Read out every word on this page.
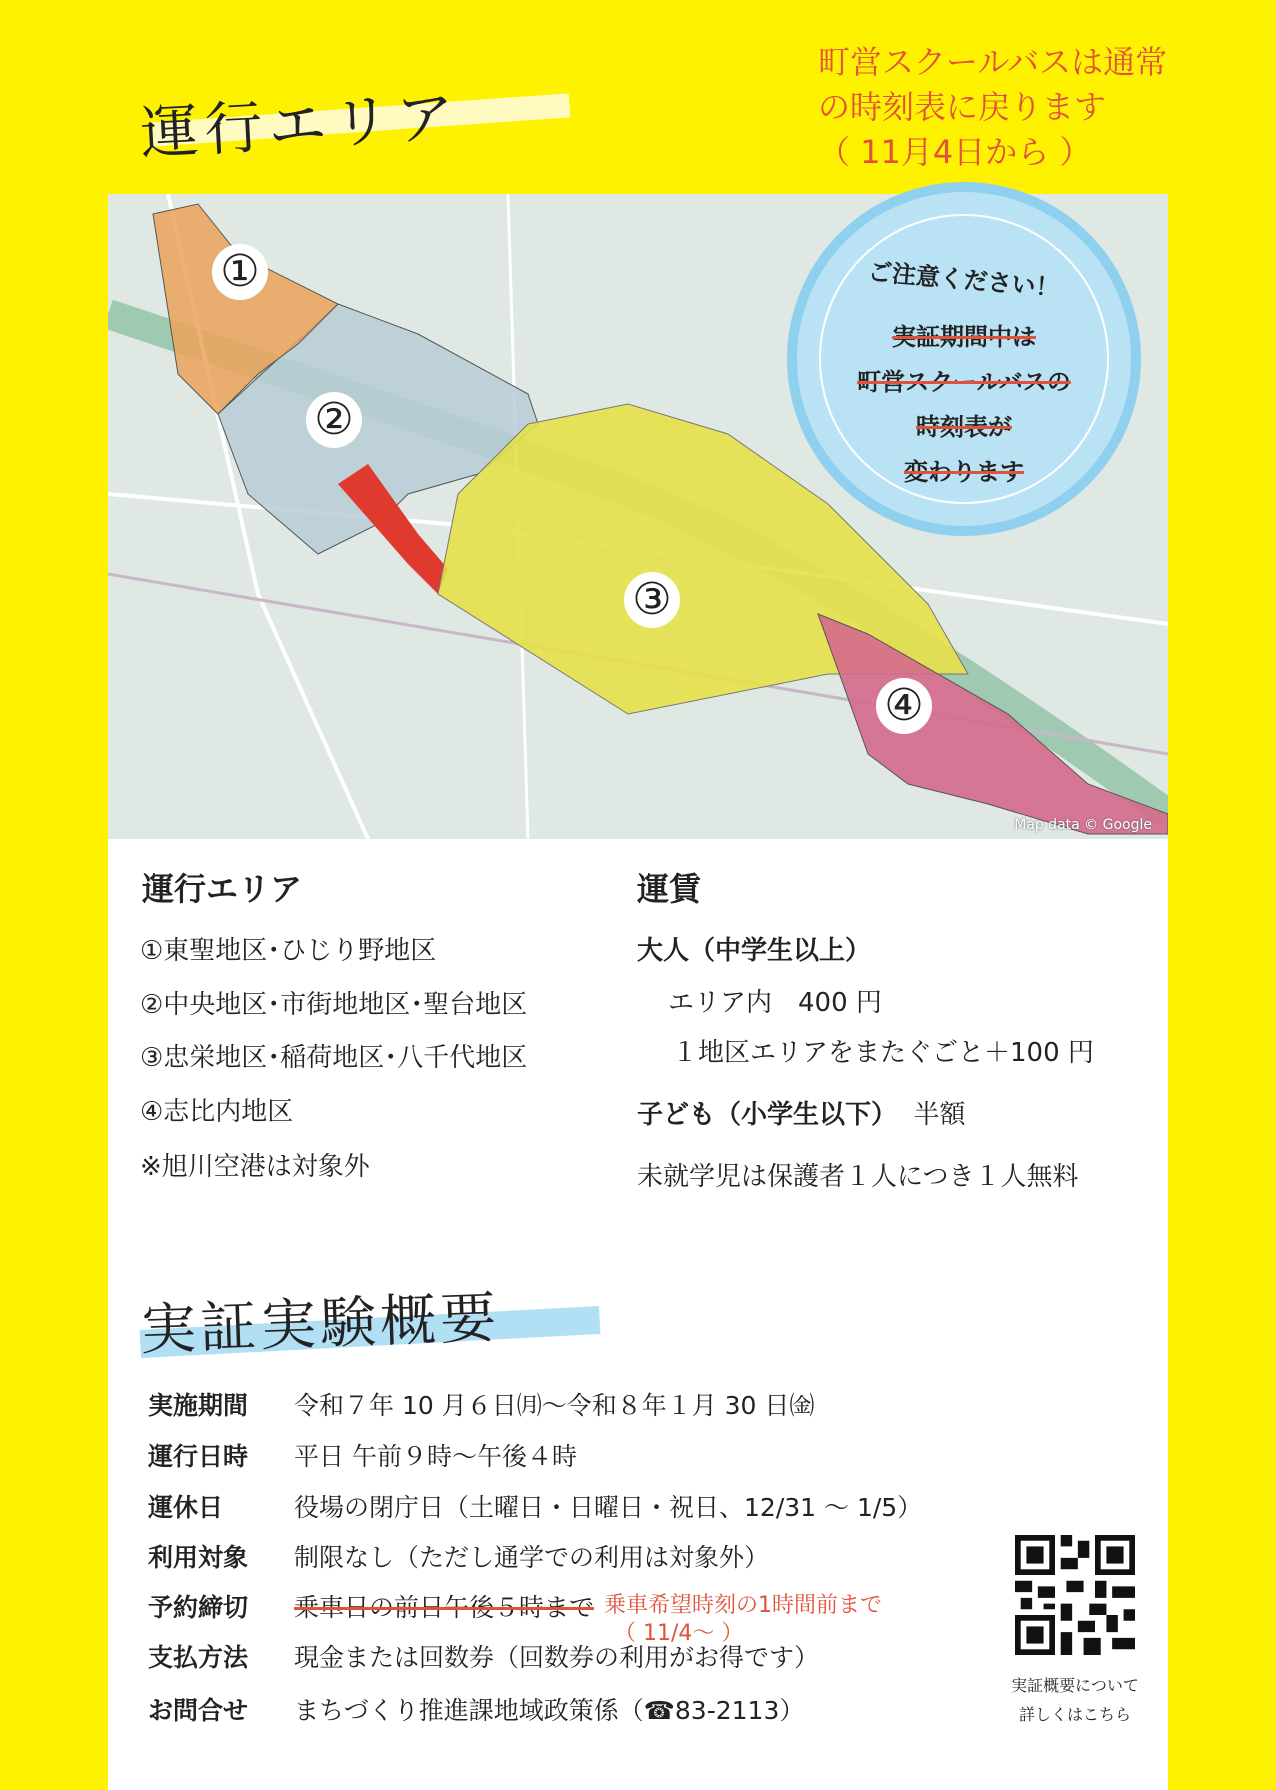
運行エリア
町営スクールバスは通常
の時刻表に戻ります
（ 11月4日から ）
①
②
③
④
Map data © Google
ご注意ください！
実証期間中は
町営スクールバスの
時刻表が
変わります
運行エリア
①東聖地区･ひじり野地区
②中央地区･市街地地区･聖台地区
③忠栄地区･稲荷地区･八千代地区
④志比内地区
※旭川空港は対象外
運賃
大人（中学生以上）
エリア内　400 円
１地区エリアをまたぐごと＋100 円
子ども（小学生以下） 半額
未就学児は保護者１人につき１人無料
実証実験概要
実施期間	令和７年 10 月６日㈪～令和８年１月 30 日㈮
運行日時	平日 午前９時～午後４時
運休日	役場の閉庁日（土曜日・日曜日・祝日、12/31 ～ 1/5）
利用対象	制限なし（ただし通学での利用は対象外）
予約締切	乗車日の前日午後５時まで 乗車希望時刻の1時間前まで
（ 11/4～ ）
支払方法	現金または回数券（回数券の利用がお得です）
お問合せ	まちづくり推進課地域政策係（☎83-2113）
実証概要について
詳しくはこちら
